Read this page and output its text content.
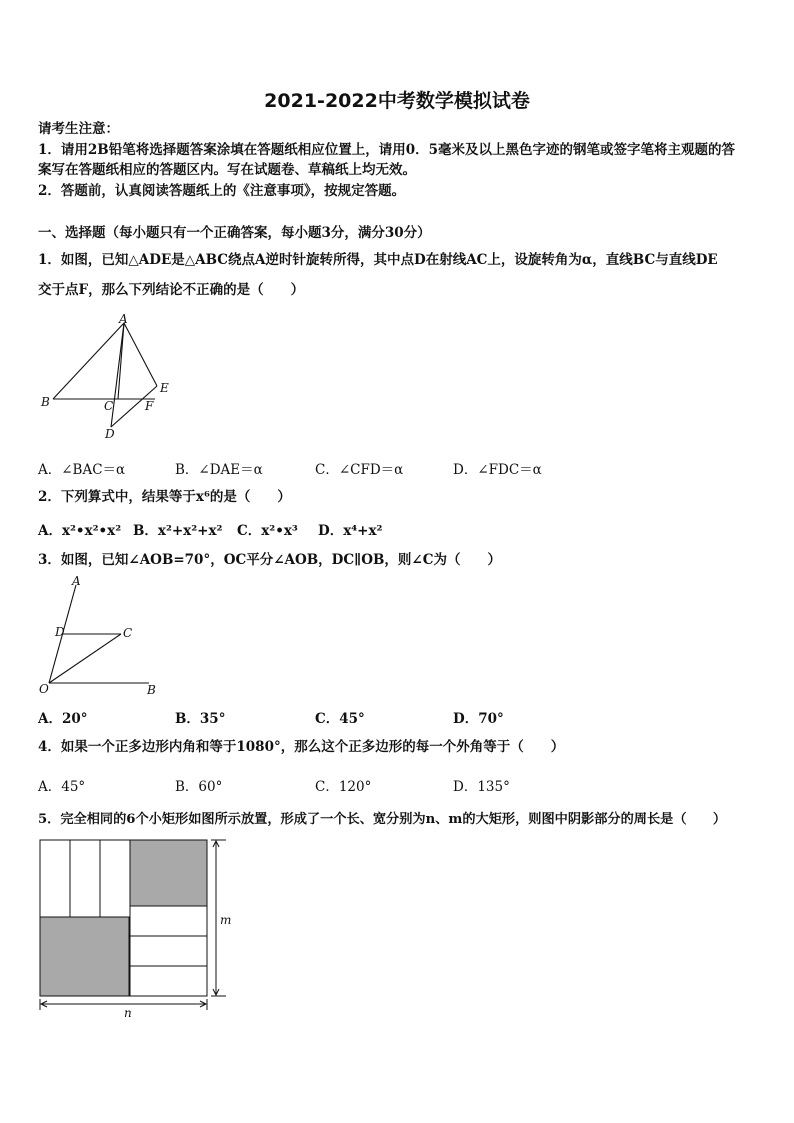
2021-2022中考数学模拟试卷
请考生注意：
1．请用2B铅笔将选择题答案涂填在答题纸相应位置上，请用0．5毫米及以上黑色字迹的钢笔或签字笔将主观题的答
案写在答题纸相应的答题区内。写在试题卷、草稿纸上均无效。
2．答题前，认真阅读答题纸上的《注意事项》，按规定答题。
一、选择题（每小题只有一个正确答案，每小题3分，满分30分）
1．如图，已知△ADE是△ABC绕点A逆时针旋转所得，其中点D在射线AC上，设旋转角为α，直线BC与直线DE
交于点F，那么下列结论不正确的是（　　）
A
B	C
D
E
F
A．∠BAC＝α	B．∠DAE＝α	C．∠CFD＝α	D．∠FDC＝α
2．下列算式中，结果等于x⁶的是（　　）
A．x²•x²•x² B．x²+x²+x² C．x²•x³ D．x⁴+x²
3．如图，已知∠AOB=70°，OC平分∠AOB，DC∥OB，则∠C为（　　）
A
D	C
O	B
A．20°	B．35°	C．45°	D．70°
4．如果一个正多边形内角和等于1080°，那么这个正多边形的每一个外角等于（　　）
A．45°	B．60°	C．120°	D．135°
5．完全相同的6个小矩形如图所示放置，形成了一个长、宽分别为n、m的大矩形，则图中阴影部分的周长是（　　）
m
n
